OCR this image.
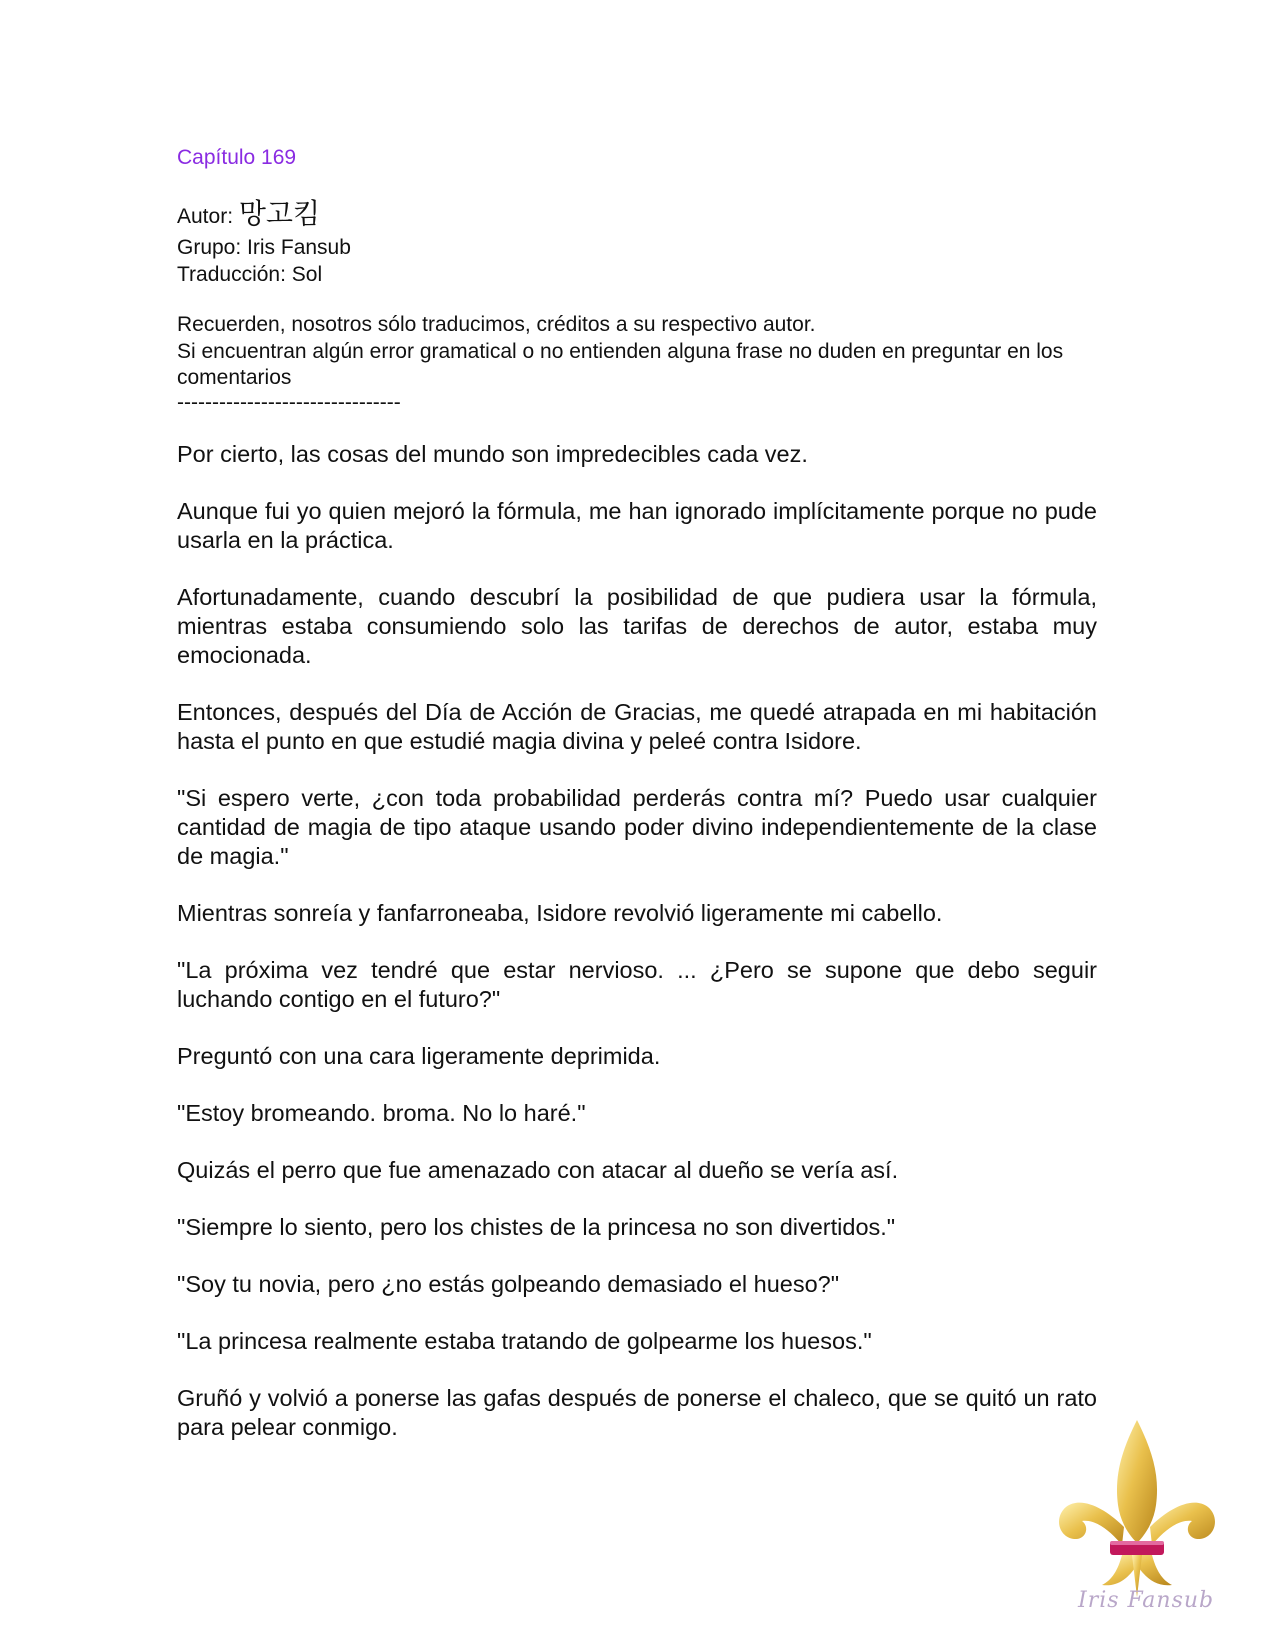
Capítulo 169
Autor: 망고킴
Grupo: Iris Fansub
Traducción: Sol
Recuerden, nosotros sólo traducimos, créditos a su respectivo autor.
Si encuentran algún error gramatical o no entienden alguna frase no duden en preguntar en los comentarios
--------------------------------

Por cierto, las cosas del mundo son impredecibles cada vez.

Aunque fui yo quien mejoró la fórmula, me han ignorado implícitamente porque no pude usarla en la práctica.

Afortunadamente, cuando descubrí la posibilidad de que pudiera usar la fórmula, mientras estaba consumiendo solo las tarifas de derechos de autor, estaba muy emocionada.

Entonces, después del Día de Acción de Gracias, me quedé atrapada en mi habitación hasta el punto en que estudié magia divina y peleé contra Isidore.

"Si espero verte, ¿con toda probabilidad perderás contra mí? Puedo usar cualquier cantidad de magia de tipo ataque usando poder divino independientemente de la clase de magia."

Mientras sonreía y fanfarroneaba, Isidore revolvió ligeramente mi cabello.

"La próxima vez tendré que estar nervioso. ... ¿Pero se supone que debo seguir luchando contigo en el futuro?"

Preguntó con una cara ligeramente deprimida.

"Estoy bromeando. broma. No lo haré."

Quizás el perro que fue amenazado con atacar al dueño se vería así.

"Siempre lo siento, pero los chistes de la princesa no son divertidos."

"Soy tu novia, pero ¿no estás golpeando demasiado el hueso?"

"La princesa realmente estaba tratando de golpearme los huesos."

Gruñó y volvió a ponerse las gafas después de ponerse el chaleco, que se quitó un rato para pelear conmigo.

Iris Fansub
